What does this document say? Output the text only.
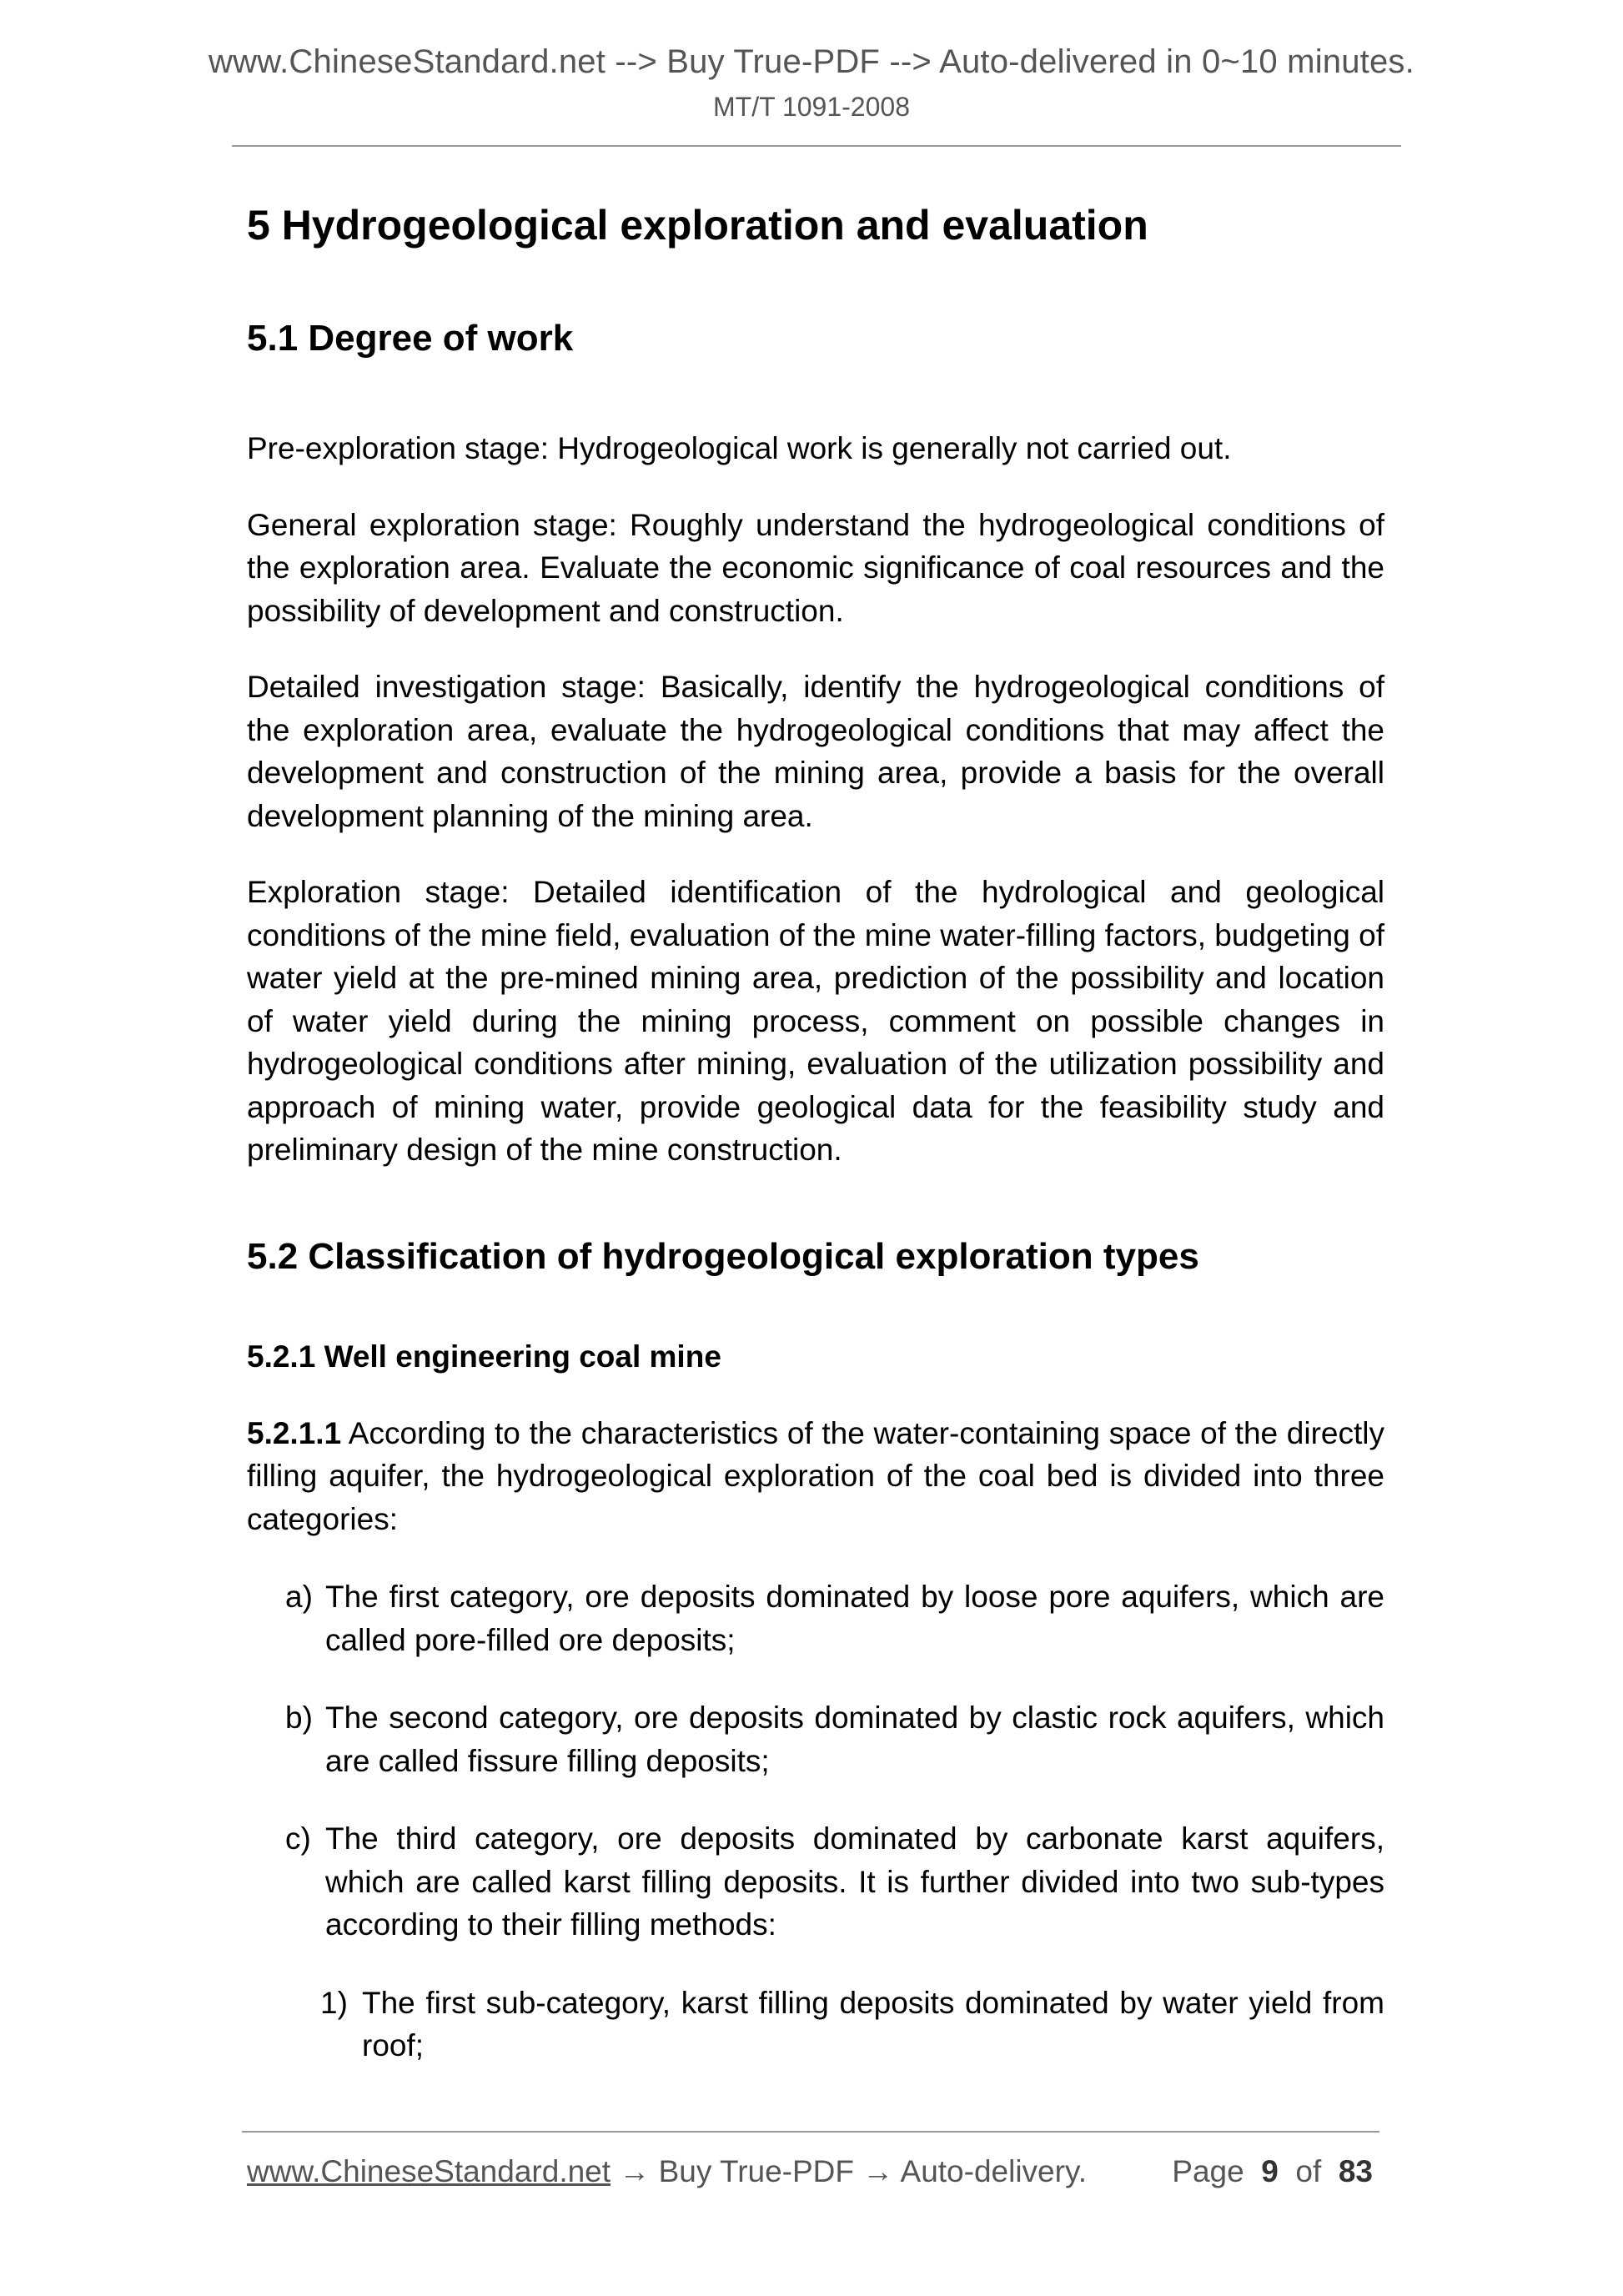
www.ChineseStandard.net --> Buy True-PDF --> Auto-delivered in 0~10 minutes.
MT/T 1091-2008
5 Hydrogeological exploration and evaluation
5.1 Degree of work

Pre-exploration stage: Hydrogeological work is generally not carried out.

General exploration stage: Roughly understand the hydrogeological conditions of the exploration area. Evaluate the economic significance of coal resources and the possibility of development and construction.

Detailed investigation stage: Basically, identify the hydrogeological conditions of the exploration area, evaluate the hydrogeological conditions that may affect the development and construction of the mining area, provide a basis for the overall development planning of the mining area.

Exploration stage: Detailed identification of the hydrological and geological conditions of the mine field, evaluation of the mine water-filling factors, budgeting of water yield at the pre-mined mining area, prediction of the possibility and location of water yield during the mining process, comment on possible changes in hydrogeological conditions after mining, evaluation of the utilization possibility and approach of mining water, provide geological data for the feasibility study and preliminary design of the mine construction.

5.2 Classification of hydrogeological exploration types
5.2.1 Well engineering coal mine

5.2.1.1 According to the characteristics of the water-containing space of the directly filling aquifer, the hydrogeological exploration of the coal bed is divided into three categories:

a) The first category, ore deposits dominated by loose pore aquifers, which are called pore-filled ore deposits;
b) The second category, ore deposits dominated by clastic rock aquifers, which are called fissure filling deposits;
c) The third category, ore deposits dominated by carbonate karst aquifers, which are called karst filling deposits. It is further divided into two sub-types according to their filling methods:
1) The first sub-category, karst filling deposits dominated by water yield from roof;
www.ChineseStandard.net → Buy True-PDF → Auto-delivery.	Page 9 of 83
